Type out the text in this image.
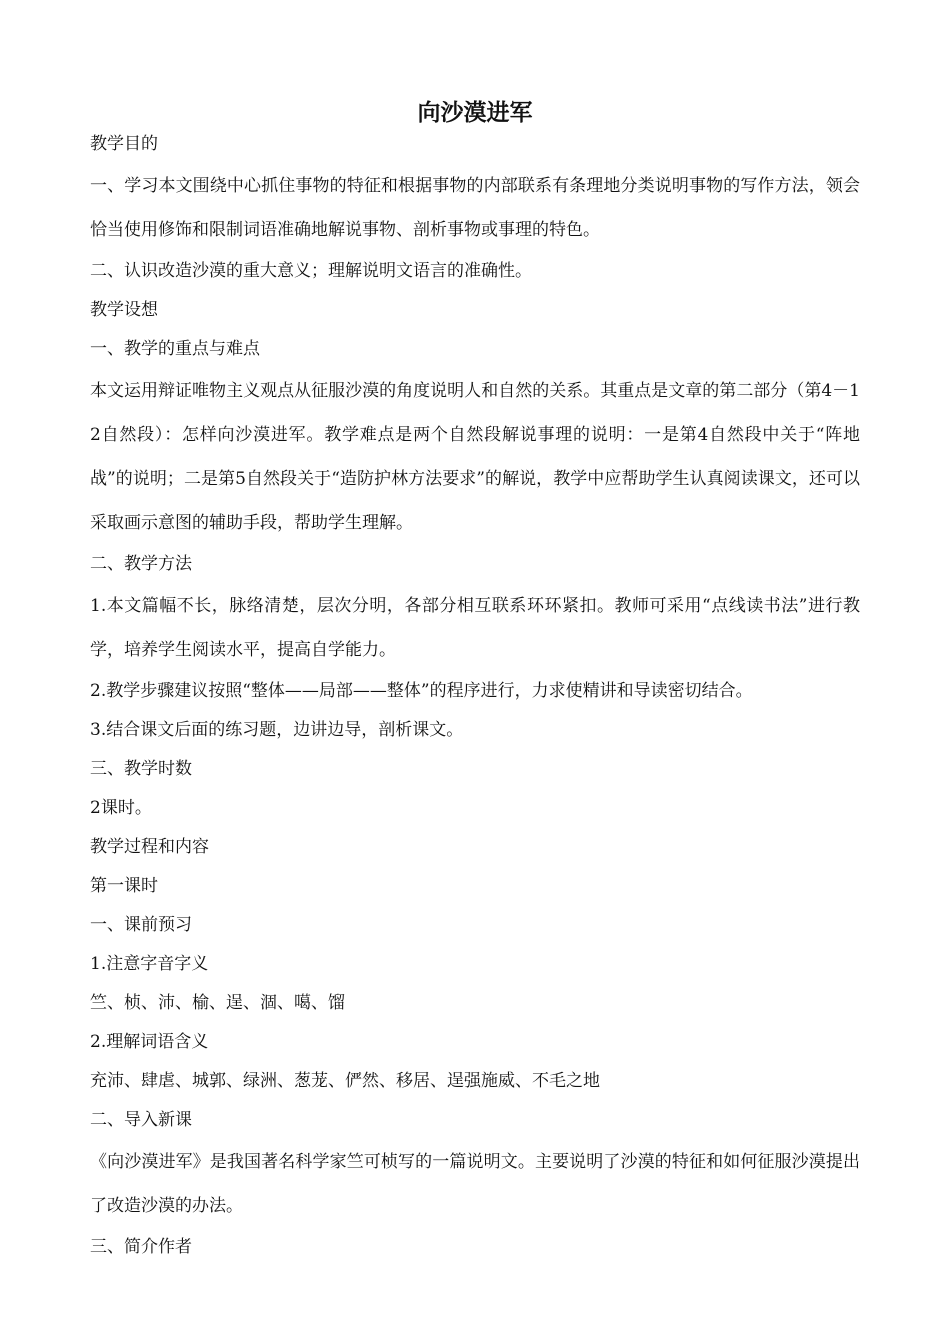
向沙漠进军

教学目的

一、学习本文围绕中心抓住事物的特征和根据事物的内部联系有条理地分类说明事物的写作方法，领会恰当使用修饰和限制词语准确地解说事物、剖析事物或事理的特色。

二、认识改造沙漠的重大意义；理解说明文语言的准确性。

教学设想

一、教学的重点与难点

本文运用辩证唯物主义观点从征服沙漠的角度说明人和自然的关系。其重点是文章的第二部分（第4－12自然段）：怎样向沙漠进军。教学难点是两个自然段解说事理的说明：一是第4自然段中关于“阵地战”的说明；二是第5自然段关于“造防护林方法要求”的解说，教学中应帮助学生认真阅读课文，还可以采取画示意图的辅助手段，帮助学生理解。

二、教学方法

1.本文篇幅不长，脉络清楚，层次分明，各部分相互联系环环紧扣。教师可采用“点线读书法”进行教学，培养学生阅读水平，提高自学能力。

2.教学步骤建议按照“整体——局部——整体”的程序进行，力求使精讲和导读密切结合。

3.结合课文后面的练习题，边讲边导，剖析课文。

三、教学时数

2课时。

教学过程和内容

第一课时

一、课前预习

1.注意字音字义

竺、桢、沛、榆、逞、涸、噶、馏

2.理解词语含义

充沛、肆虐、城郭、绿洲、葱茏、俨然、移居、逞强施威、不毛之地

二、导入新课

《向沙漠进军》是我国著名科学家竺可桢写的一篇说明文。主要说明了沙漠的特征和如何征服沙漠提出了改造沙漠的办法。

三、简介作者
